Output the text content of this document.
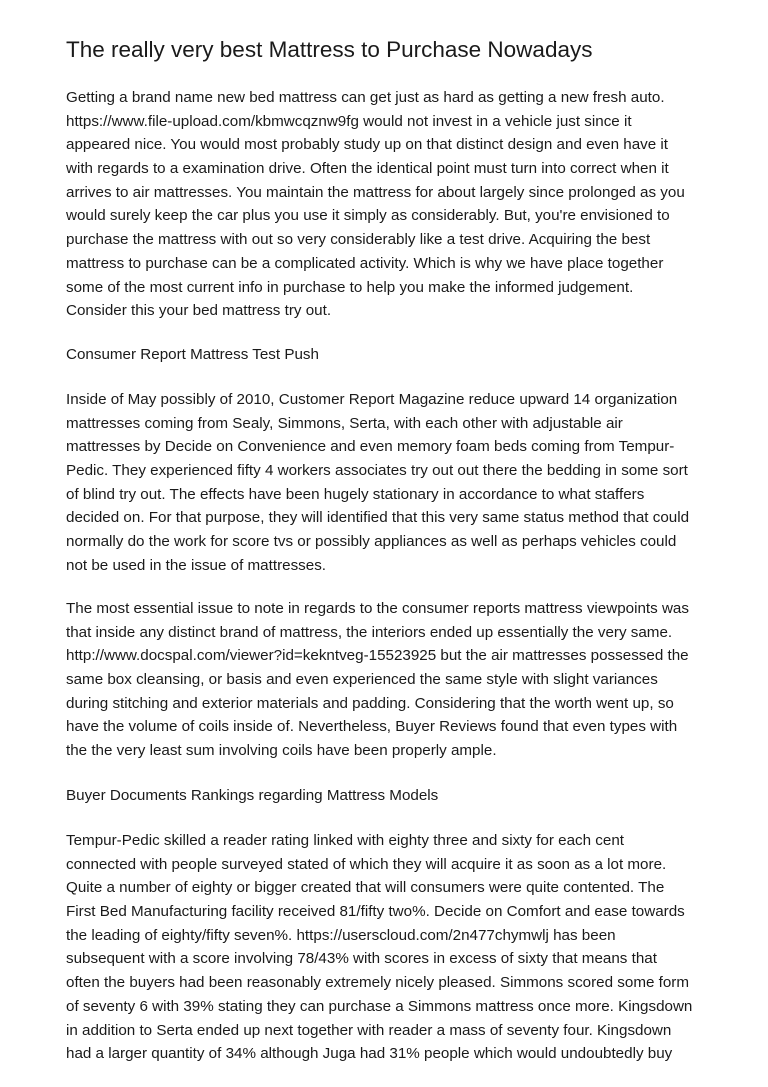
The really very best Mattress to Purchase Nowadays

Getting a brand name new bed mattress can get just as hard as getting a new fresh auto.
https://www.file-upload.com/kbmwcqznw9fg would not invest in a vehicle just since it
appeared nice. You would most probably study up on that distinct design and even have it
with regards to a examination drive. Often the identical point must turn into correct when it
arrives to air mattresses. You maintain the mattress for about largely since prolonged as you
would surely keep the car plus you use it simply as considerably. But, you're envisioned to
purchase the mattress with out so very considerably like a test drive. Acquiring the best
mattress to purchase can be a complicated activity. Which is why we have place together
some of the most current info in purchase to help you make the informed judgement.
Consider this your bed mattress try out.

Consumer Report Mattress Test Push

Inside of May possibly of 2010, Customer Report Magazine reduce upward 14 organization
mattresses coming from Sealy, Simmons, Serta, with each other with adjustable air
mattresses by Decide on Convenience and even memory foam beds coming from Tempur-
Pedic. They experienced fifty 4 workers associates try out out there the bedding in some sort
of blind try out. The effects have been hugely stationary in accordance to what staffers
decided on. For that purpose, they will identified that this very same status method that could
normally do the work for score tvs or possibly appliances as well as perhaps vehicles could
not be used in the issue of mattresses.

The most essential issue to note in regards to the consumer reports mattress viewpoints was
that inside any distinct brand of mattress, the interiors ended up essentially the very same.
http://www.docspal.com/viewer?id=kekntveg-15523925 but the air mattresses possessed the
same box cleansing, or basis and even experienced the same style with slight variances
during stitching and exterior materials and padding. Considering that the worth went up, so
have the volume of coils inside of. Nevertheless, Buyer Reviews found that even types with
the the very least sum involving coils have been properly ample.

Buyer Documents Rankings regarding Mattress Models

Tempur-Pedic skilled a reader rating linked with eighty three and sixty for each cent
connected with people surveyed stated of which they will acquire it as soon as a lot more.
Quite a number of eighty or bigger created that will consumers were quite contented. The
First Bed Manufacturing facility received 81/fifty two%. Decide on Comfort and ease towards
the leading of eighty/fifty seven%. https://userscloud.com/2n477chymwlj has been
subsequent with a score involving 78/43% with scores in excess of sixty that means that
often the buyers had been reasonably extremely nicely pleased. Simmons scored some form
of seventy 6 with 39% stating they can purchase a Simmons mattress once more. Kingsdown
in addition to Serta ended up next together with reader a mass of seventy four. Kingsdown
had a larger quantity of 34% although Juga had 31% people which would undoubtedly buy
